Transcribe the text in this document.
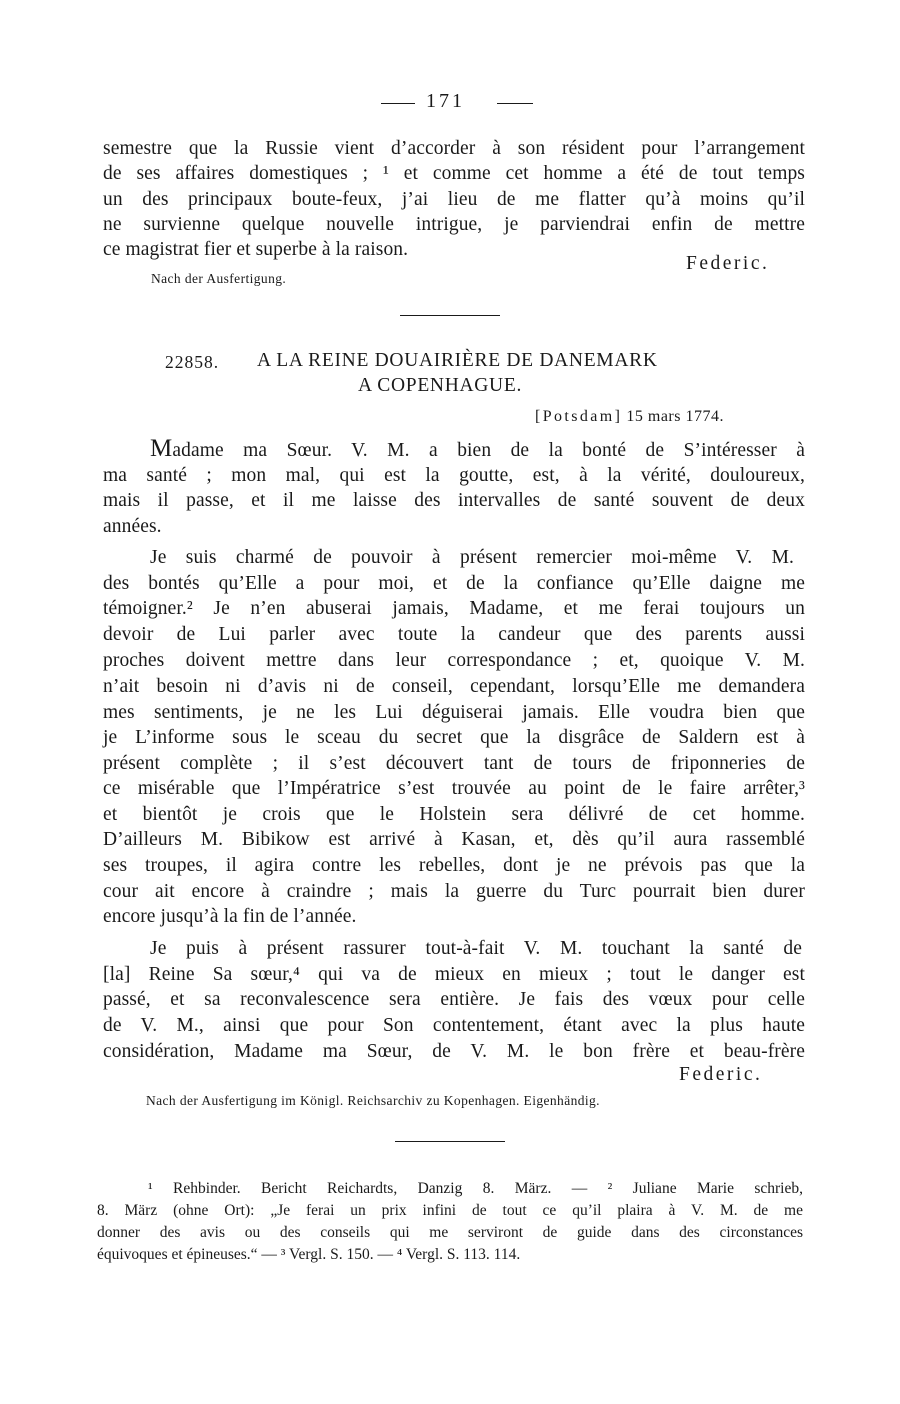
171
semestre que la Russie vient d’accorder à son résident pour l’arrangement
de ses affaires domestiques ; ¹ et comme cet homme a été de tout temps
un des principaux boute-feux, j’ai lieu de me flatter qu’à moins qu’il
ne survienne quelque nouvelle intrigue, je parviendrai enfin de mettre
ce magistrat fier et superbe à la raison.
Federic.
Nach der Ausfertigung.
22858. A LA REINE DOUAIRIÈRE DE DANEMARK
A COPENHAGUE.
[Potsdam] 15 mars 1774.
Madame ma Sœur. V. M. a bien de la bonté de S’intéresser à
ma santé ; mon mal, qui est la goutte, est, à la vérité, douloureux,
mais il passe, et il me laisse des intervalles de santé souvent de deux
années.
Je suis charmé de pouvoir à présent remercier moi-même V. M.
des bontés qu’Elle a pour moi, et de la confiance qu’Elle daigne me
témoigner.² Je n’en abuserai jamais, Madame, et me ferai toujours un
devoir de Lui parler avec toute la candeur que des parents aussi
proches doivent mettre dans leur correspondance ; et, quoique V. M.
n’ait besoin ni d’avis ni de conseil, cependant, lorsqu’Elle me demandera
mes sentiments, je ne les Lui déguiserai jamais. Elle voudra bien que
je L’informe sous le sceau du secret que la disgrâce de Saldern est à
présent complète ; il s’est découvert tant de tours de friponneries de
ce misérable que l’Impératrice s’est trouvée au point de le faire arrêter,³
et bientôt je crois que le Holstein sera délivré de cet homme.
D’ailleurs M. Bibikow est arrivé à Kasan, et, dès qu’il aura rassemblé
ses troupes, il agira contre les rebelles, dont je ne prévois pas que la
cour ait encore à craindre ; mais la guerre du Turc pourrait bien durer
encore jusqu’à la fin de l’année.
Je puis à présent rassurer tout-à-fait V. M. touchant la santé de
[la] Reine Sa sœur,⁴ qui va de mieux en mieux ; tout le danger est
passé, et sa reconvalescence sera entière. Je fais des vœux pour celle
de V. M., ainsi que pour Son contentement, étant avec la plus haute
considération, Madame ma Sœur, de V. M. le bon frère et beau-frère
Federic.
Nach der Ausfertigung im Königl. Reichsarchiv zu Kopenhagen. Eigenhändig.
¹ Rehbinder. Bericht Reichardts, Danzig 8. März. — ² Juliane Marie schrieb,
8. März (ohne Ort): „Je ferai un prix infini de tout ce qu’il plaira à V. M. de me
donner des avis ou des conseils qui me serviront de guide dans des circonstances
équivoques et épineuses.“ — ³ Vergl. S. 150. — ⁴ Vergl. S. 113. 114.
